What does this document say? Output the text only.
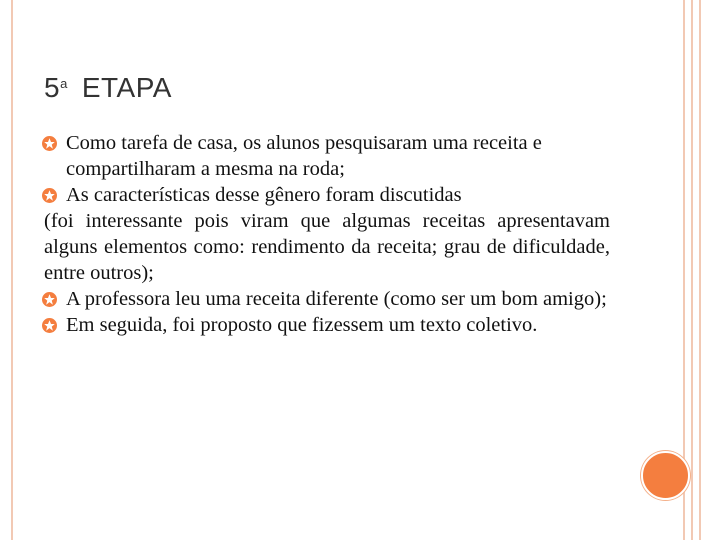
5$^a$ ETAPA
Como tarefa de casa, os alunos pesquisaram uma receita e compartilharam a mesma na roda;
As características desse gênero foram discutidas
(foi interessante pois viram que algumas receitas apresentavam alguns elementos como: rendimento da receita; grau de dificuldade, entre outros);
A professora leu uma receita diferente (como ser um bom amigo);
Em seguida, foi proposto que fizessem um texto coletivo.
